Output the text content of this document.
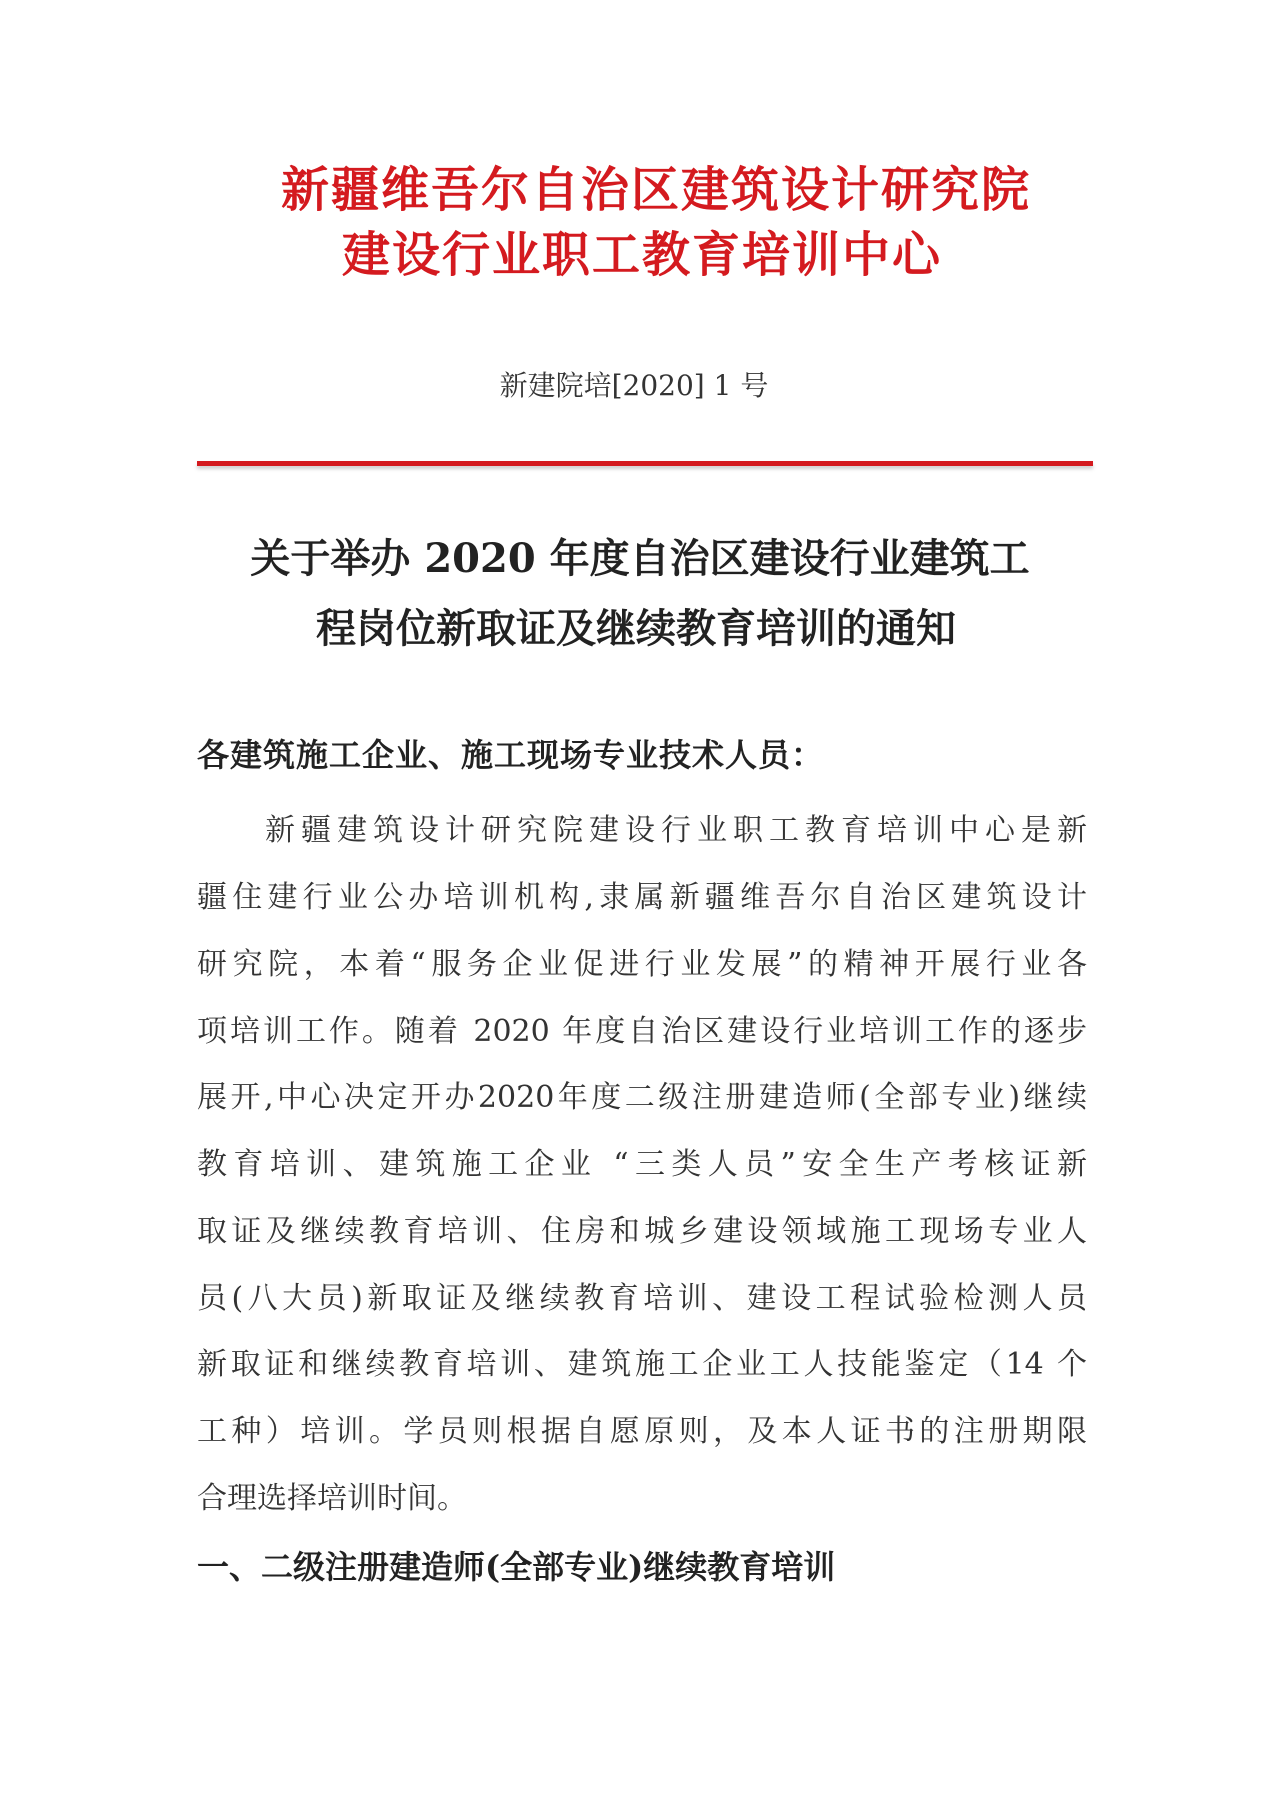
新疆维吾尔自治区建筑设计研究院
建设行业职工教育培训中心
新建院培[2020] 1 号
关于举办 2020 年度自治区建设行业建筑工
程岗位新取证及继续教育培训的通知
各建筑施工企业、施工现场专业技术人员：
新疆建筑设计研究院建设行业职工教育培训中心是新
疆住建行业公办培训机构,隶属新疆维吾尔自治区建筑设计
研究院，本着“服务企业促进行业发展”的精神开展行业各
项培训工作。随着 2020 年度自治区建设行业培训工作的逐步
展开,中心决定开办2020年度二级注册建造师(全部专业)继续
教育培训、建筑施工企业 “三类人员”安全生产考核证新
取证及继续教育培训、住房和城乡建设领域施工现场专业人
员(八大员)新取证及继续教育培训、建设工程试验检测人员
新取证和继续教育培训、建筑施工企业工人技能鉴定（14 个
工种）培训。学员则根据自愿原则，及本人证书的注册期限
合理选择培训时间。
一、二级注册建造师(全部专业)继续教育培训
